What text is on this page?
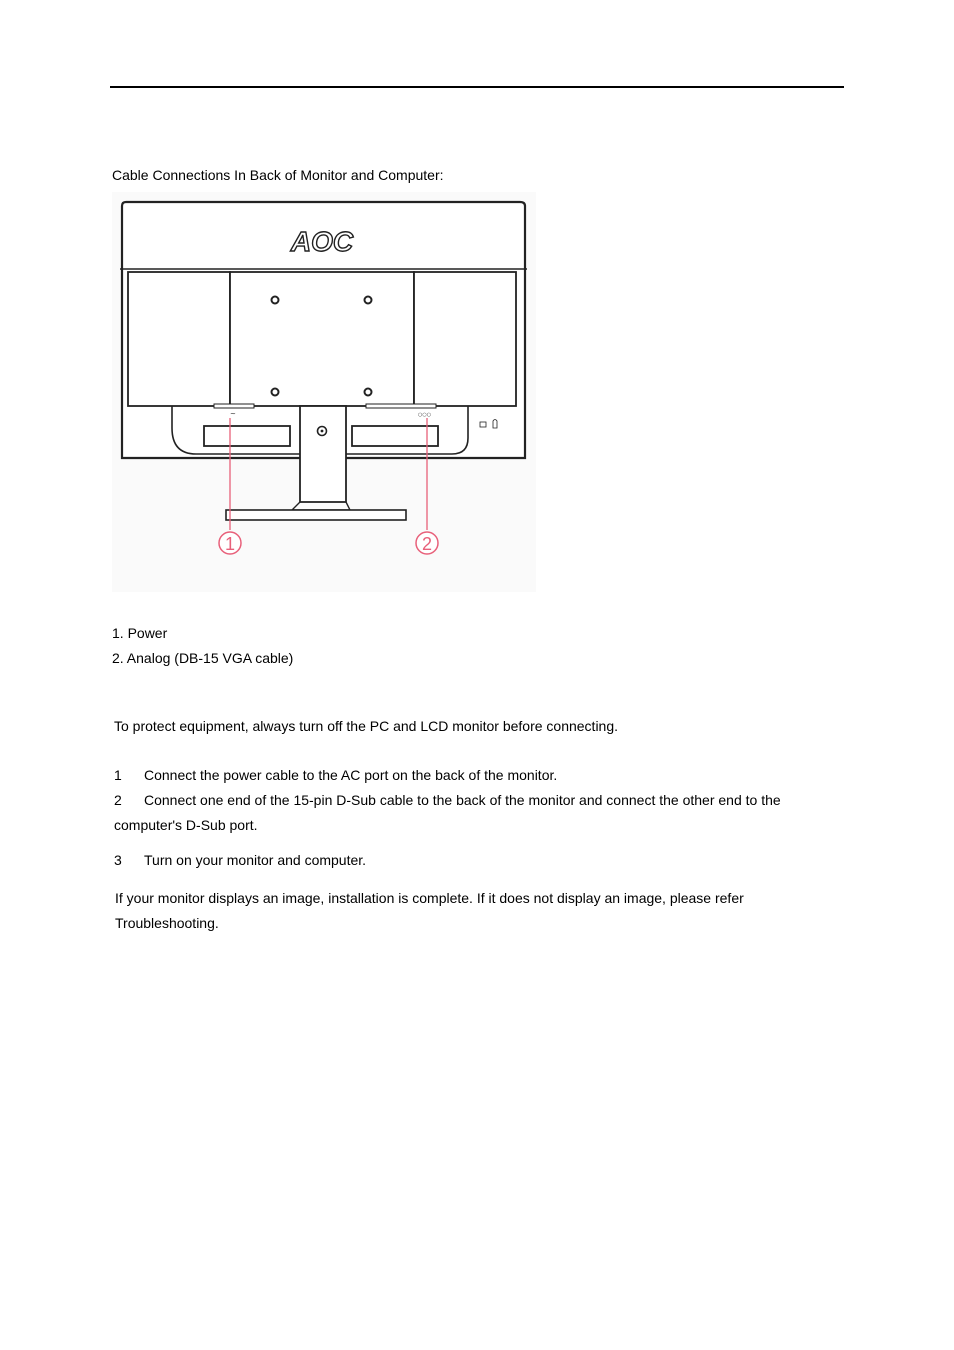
Cable Connections In Back of Monitor and Computer:
AOC
~	○○○
1	2
1. Power
2. Analog (DB-15 VGA cable)
To protect equipment, always turn off the PC and LCD monitor before connecting.
1 Connect the power cable to the AC port on the back of the monitor.
2 Connect one end of the 15-pin D-Sub cable to the back of the monitor and connect the other end to the
computer's D-Sub port.
3 Turn on your monitor and computer.
If your monitor displays an image, installation is complete. If it does not display an image, please refer
Troubleshooting.
